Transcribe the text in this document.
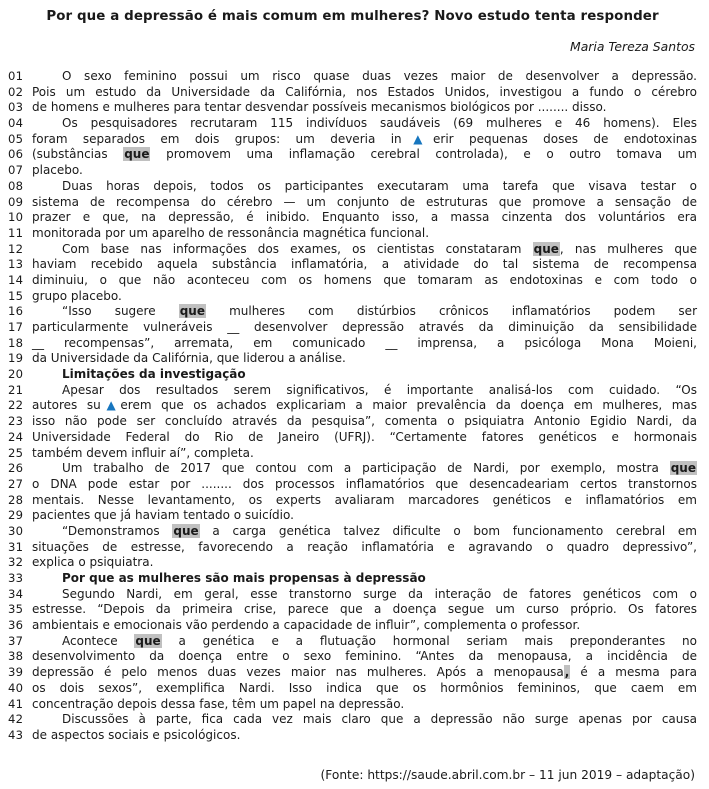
Por que a depressão é mais comum em mulheres? Novo estudo tenta responder
Maria Tereza Santos
01	O sexo feminino possui um risco quase duas vezes maior de desenvolver a depressão.
02 Pois um estudo da Universidade da Califórnia, nos Estados Unidos, investigou a fundo o cérebro
03 de homens e mulheres para tentar desvendar possíveis mecanismos biológicos por ........ disso.
04	Os pesquisadores recrutaram 115 indivíduos saudáveis (69 mulheres e 46 homens). Eles
05 foram separados em dois grupos: um deveria in▲erir pequenas doses de endotoxinas
06 (substâncias que promovem uma inflamação cerebral controlada), e o outro tomava um
07 placebo.
08	Duas horas depois, todos os participantes executaram uma tarefa que visava testar o
09 sistema de recompensa do cérebro — um conjunto de estruturas que promove a sensação de
10 prazer e que, na depressão, é inibido. Enquanto isso, a massa cinzenta dos voluntários era
11 monitorada por um aparelho de ressonância magnética funcional.
12	Com base nas informações dos exames, os cientistas constataram que, nas mulheres que
13 haviam recebido aquela substância inflamatória, a atividade do tal sistema de recompensa
14 diminuiu, o que não aconteceu com os homens que tomaram as endotoxinas e com todo o
15 grupo placebo.
16	“Isso sugere que mulheres com distúrbios crônicos inflamatórios podem ser
17 particularmente vulneráveis __ desenvolver depressão através da diminuição da sensibilidade
18 __ recompensas”, arremata, em comunicado __ imprensa, a psicóloga Mona Moieni,
19 da Universidade da Califórnia, que liderou a análise.
20	Limitações da investigação
21	Apesar dos resultados serem significativos, é importante analisá-los com cuidado. “Os
22 autores su▲erem que os achados explicariam a maior prevalência da doença em mulheres, mas
23 isso não pode ser concluído através da pesquisa”, comenta o psiquiatra Antonio Egidio Nardi, da
24 Universidade Federal do Rio de Janeiro (UFRJ). “Certamente fatores genéticos e hormonais
25 também devem influir aí”, completa.
26	Um trabalho de 2017 que contou com a participação de Nardi, por exemplo, mostra que
27 o DNA pode estar por ........ dos processos inflamatórios que desencadeariam certos transtornos
28 mentais. Nesse levantamento, os experts avaliaram marcadores genéticos e inflamatórios em
29 pacientes que já haviam tentado o suicídio.
30	“Demonstramos que a carga genética talvez dificulte o bom funcionamento cerebral em
31 situações de estresse, favorecendo a reação inflamatória e agravando o quadro depressivo”,
32 explica o psiquiatra.
33	Por que as mulheres são mais propensas à depressão
34	Segundo Nardi, em geral, esse transtorno surge da interação de fatores genéticos com o
35 estresse. “Depois da primeira crise, parece que a doença segue um curso próprio. Os fatores
36 ambientais e emocionais vão perdendo a capacidade de influir”, complementa o professor.
37	Acontece que a genética e a flutuação hormonal seriam mais preponderantes no
38 desenvolvimento da doença entre o sexo feminino. “Antes da menopausa, a incidência de
39 depressão é pelo menos duas vezes maior nas mulheres. Após a menopausa, é a mesma para
40 os dois sexos”, exemplifica Nardi. Isso indica que os hormônios femininos, que caem em
41 concentração depois dessa fase, têm um papel na depressão.
42	Discussões à parte, fica cada vez mais claro que a depressão não surge apenas por causa
43 de aspectos sociais e psicológicos.
(Fonte: https://saude.abril.com.br – 11 jun 2019 – adaptação)
